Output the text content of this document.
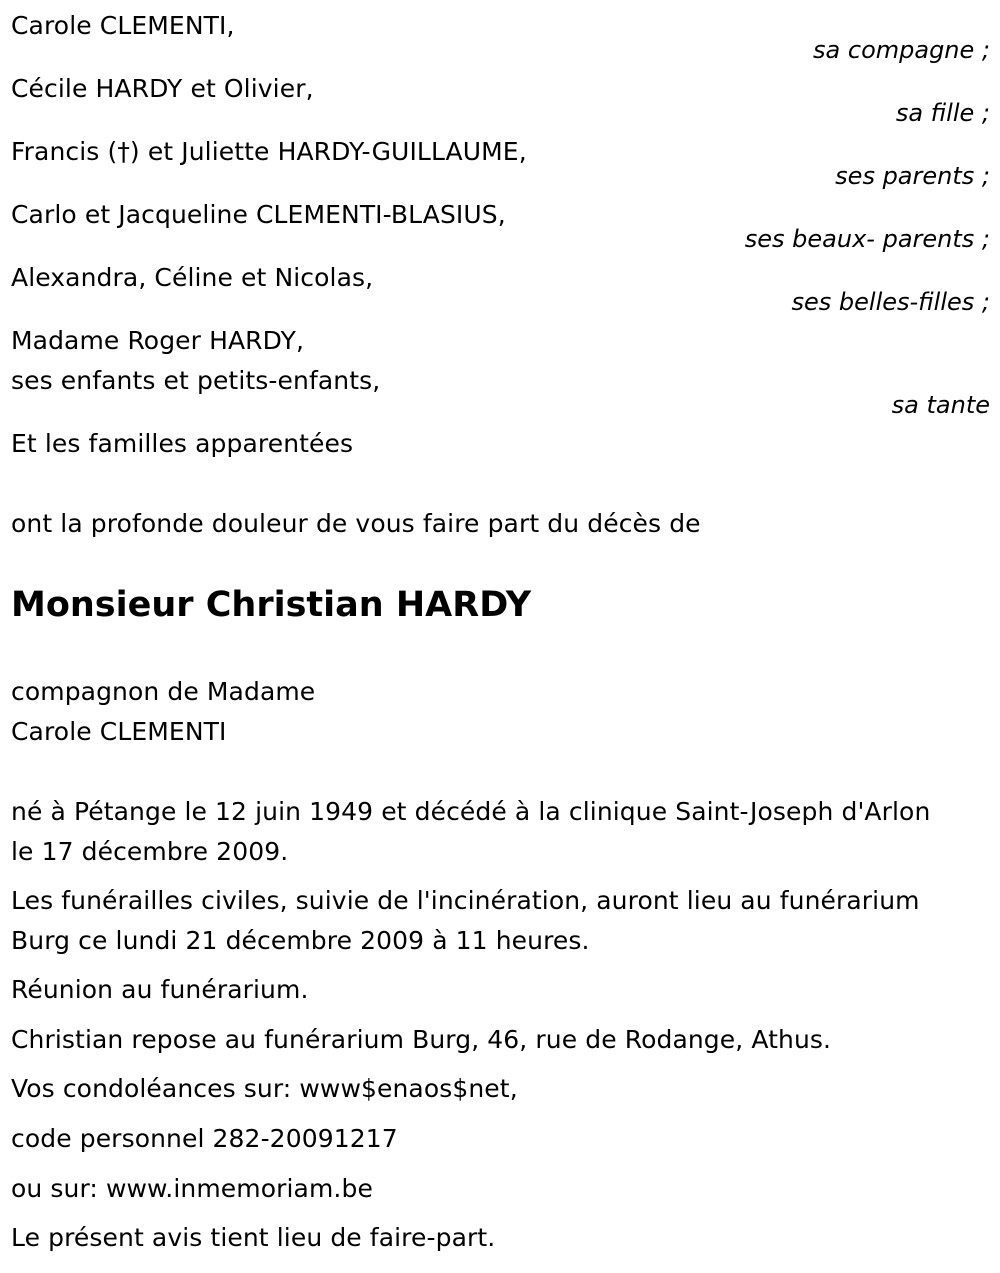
Carole CLEMENTI,
sa compagne ;
Cécile HARDY et Olivier,
sa fille ;
Francis (†) et Juliette HARDY-GUILLAUME,
ses parents ;
Carlo et Jacqueline CLEMENTI-BLASIUS,
ses beaux- parents ;
Alexandra, Céline et Nicolas,
ses belles-filles ;
Madame Roger HARDY,
ses enfants et petits-enfants,
sa tante
Et les familles apparentées
ont la profonde douleur de vous faire part du décès de
Monsieur Christian HARDY
compagnon de Madame
Carole CLEMENTI
né à Pétange le 12 juin 1949 et décédé à la clinique Saint-Joseph d'Arlon
le 17 décembre 2009.
Les funérailles civiles, suivie de l'incinération, auront lieu au funérarium
Burg ce lundi 21 décembre 2009 à 11 heures.
Réunion au funérarium.
Christian repose au funérarium Burg, 46, rue de Rodange, Athus.
Vos condoléances sur: www$enaos$net,
code personnel 282-20091217
ou sur: www.inmemoriam.be
Le présent avis tient lieu de faire-part.
